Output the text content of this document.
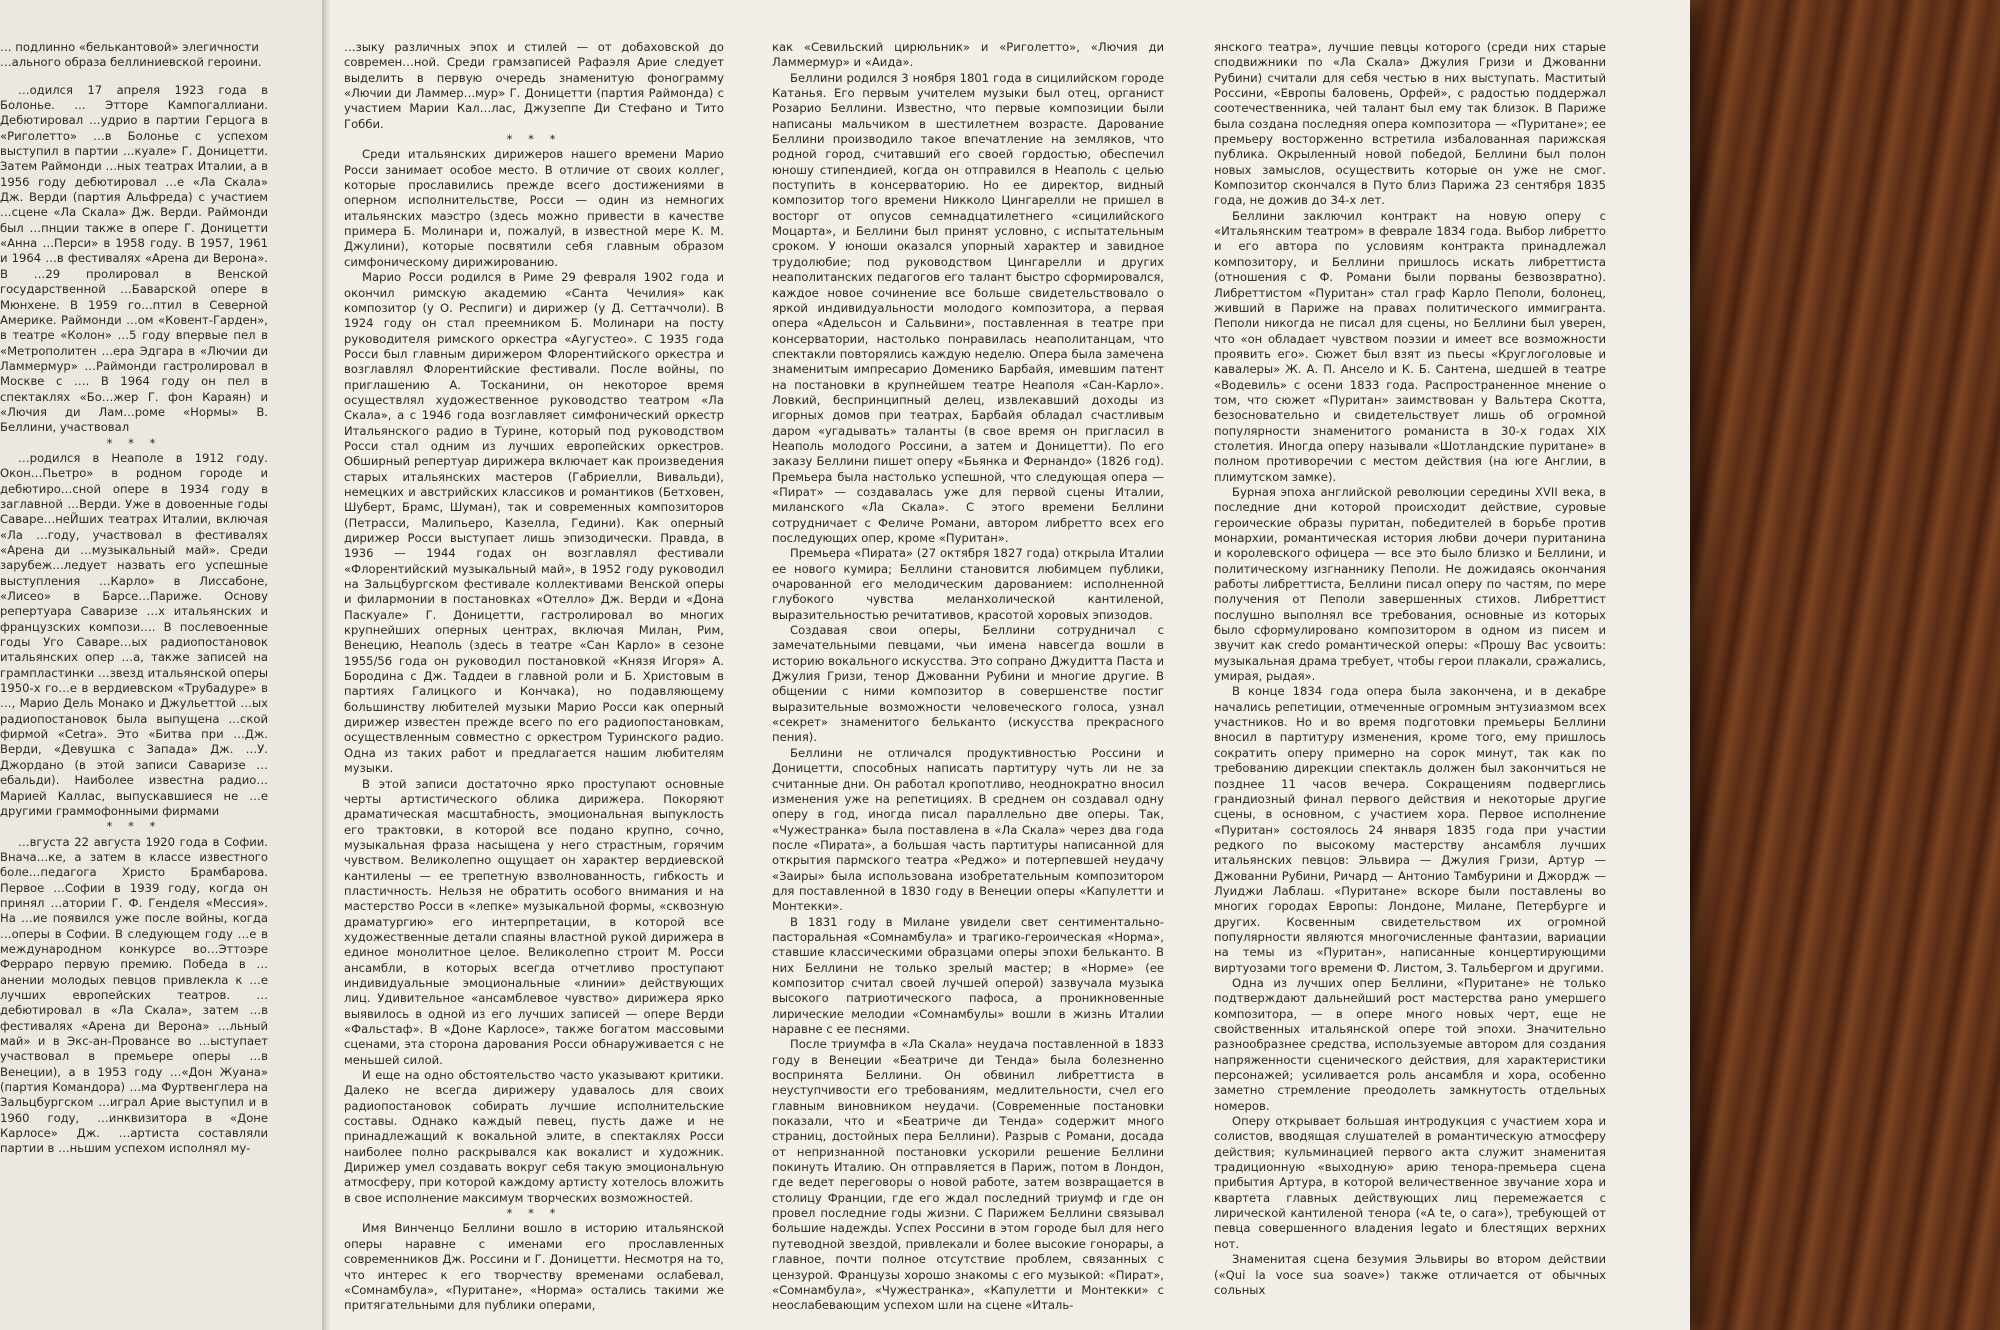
… подлинно «белькантовой» элегичности

…ального образа беллиниевской героини.

…одился 17 апреля 1923 года в Болонье. … Этторе Кампогаллиани. Дебютировал …удрио в партии Герцога в «Риголетто» …в Болонье с успехом выступил в партии …куале» Г. Доницетти. Затем Раймонди …ных театрах Италии, а в 1956 году дебютировал …е «Ла Скала» Дж. Верди (партия Альфреда) с участием …сцене «Ла Скала» Дж. Верди. Раймонди был …пнции также в опере Г. Доницетти «Анна …Перси» в 1958 году. В 1957, 1961 и 1964 …в фестивалях «Арена ди Верона». В …29 пролировал в Венской государственной …Баварской опере в Мюнхене. В 1959 го…птил в Северной Америке. Раймонди …ом «Ковент-Гарден», в театре «Колон» …5 году впервые пел в «Метрополитен …ера Эдгара в «Лючии ди Ламмермур» …Раймонди гастролировал в Москве с …. В 1964 году он пел в спектаклях «Бо…жер Г. фон Караян) и «Лючия ди Лам…роме «Нормы» В. Беллини, участвовал

* * *

…родился в Неаполе в 1912 году. Окон…Пьетро» в родном городе и дебютиро…сной опере в 1934 году в заглавной …Верди. Уже в довоенные годы Саваре…неЙших театрах Италии, включая «Ла …году, участвовал в фестивалях «Арена ди …музыкальный май». Среди зарубеж…ледует назвать его успешные выступления …Карло» в Лиссабоне, «Лисео» в Барсе…Париже. Основу репертуара Саваризе …х итальянских и французских компози…. В послевоенные годы Уго Саваре…ых радиопостановок итальянских опер …а, также записей на грампластинки …звезд итальянской оперы 1950-х го…е в вердиевском «Трубадуре» в …, Марио Дель Монако и Джульеттой …ых радиопостановок была выпущена …ской фирмой «Cetra». Это «Битва при …Дж. Верди, «Девушка с Запада» Дж. …У. Джордано (в этой записи Саваризе …ебальди). Наиболее известна радио… Марией Каллас, выпускавшиеся не …е другими граммофонными фирмами

* * *

…вгуста 22 августа 1920 года в Софии. Внача…ке, а затем в классе известного боле…педагога Христо Брамбарова. Первое …Софии в 1939 году, когда он принял …атории Г. Ф. Генделя «Мессия». На …ие появился уже после войны, когда …оперы в Софии. В следующем году …е в международном конкурсе во…Эттоэре Ферраро первую премию. Победа в …анении молодых певцов привлекла к …е лучших европейских театров. …дебютировал в «Ла Скала», затем …в фестивалях «Арена ди Верона» …льный май» и в Экс-ан-Провансе во …ыступает участвовал в премьере оперы …в Венеции), а в 1953 году …«Дон Жуана» (партия Командора) …ма Фуртвенглера на Зальцбургском …играл Арие выступил и в 1960 году, …инквизитора в «Доне Карлосе» Дж. …артиста составляли партии в …ньшим успехом исполнял му-

…зыку различных эпох и стилей — от добаховской до современ…ной. Среди грамзаписей Рафаэля Арие следует выделить в первую очередь знаменитую фонограмму «Лючии ди Ламмер…мур» Г. Доницетти (партия Раймонда) с участием Марии Кал…лас, Джузеппе Ди Стефано и Тито Гобби.

* * *

Среди итальянских дирижеров нашего времени Марио Росси занимает особое место. В отличие от своих коллег, которые прославились прежде всего достижениями в оперном исполнительстве, Росси — один из немногих итальянских маэстро (здесь можно привести в качестве примера Б. Молинари и, пожалуй, в известной мере К. М. Джулини), которые посвятили себя главным образом симфоническому дирижированию.

Марио Росси родился в Риме 29 февраля 1902 года и окончил римскую академию «Санта Чечилия» как композитор (у О. Респиги) и дирижер (у Д. Сеттаччоли). В 1924 году он стал преемником Б. Молинари на посту руководителя римского оркестра «Аугустео». С 1935 года Росси был главным дирижером Флорентийского оркестра и возглавлял Флорентийские фестивали. После войны, по приглашению А. Тосканини, он некоторое время осуществлял художественное руководство театром «Ла Скала», а с 1946 года возглавляет симфонический оркестр Итальянского радио в Турине, который под руководством Росси стал одним из лучших европейских оркестров. Обширный репертуар дирижера включает как произведения старых итальянских мастеров (Габриелли, Вивальди), немецких и австрийских классиков и романтиков (Бетховен, Шуберт, Брамс, Шуман), так и современных композиторов (Петрасси, Малипьеро, Казелла, Гедини). Как оперный дирижер Росси выступает лишь эпизодически. Правда, в 1936 — 1944 годах он возглавлял фестивали «Флорентийский музыкальный май», в 1952 году руководил на Зальцбургском фестивале коллективами Венской оперы и филармонии в постановках «Отелло» Дж. Верди и «Дона Паскуале» Г. Доницетти, гастролировал во многих крупнейших оперных центрах, включая Милан, Рим, Венецию, Неаполь (здесь в театре «Сан Карло» в сезоне 1955/56 года он руководил постановкой «Князя Игоря» А. Бородина с Дж. Таддеи в главной роли и Б. Христовым в партиях Галицкого и Кончака), но подавляющему большинству любителей музыки Марио Росси как оперный дирижер известен прежде всего по его радиопостановкам, осуществленным совместно с оркестром Туринского радио. Одна из таких работ и предлагается нашим любителям музыки.

В этой записи достаточно ярко проступают основные черты артистического облика дирижера. Покоряют драматическая масштабность, эмоциональная выпуклость его трактовки, в которой все подано крупно, сочно, музыкальная фраза насыщена у него страстным, горячим чувством. Великолепно ощущает он характер вердиевской кантилены — ее трепетную взволнованность, гибкость и пластичность. Нельзя не обратить особого внимания и на мастерство Росси в «лепке» музыкальной формы, «сквозную драматургию» его интерпретации, в которой все художественные детали спаяны властной рукой дирижера в единое монолитное целое. Великолепно строит М. Росси ансамбли, в которых всегда отчетливо проступают индивидуальные эмоциональные «линии» действующих лиц. Удивительное «ансамблевое чувство» дирижера ярко выявилось в одной из его лучших записей — опере Верди «Фальстаф». В «Доне Карлосе», также богатом массовыми сценами, эта сторона дарования Росси обнаруживается с не меньшей силой.

И еще на одно обстоятельство часто указывают критики. Далеко не всегда дирижеру удавалось для своих радиопостановок собирать лучшие исполнительские составы. Однако каждый певец, пусть даже и не принадлежащий к вокальной элите, в спектаклях Росси наиболее полно раскрывался как вокалист и художник. Дирижер умел создавать вокруг себя такую эмоциональную атмосферу, при которой каждому артисту хотелось вложить в свое исполнение максимум творческих возможностей.

* * *

Имя Винченцо Беллини вошло в историю итальянской оперы наравне с именами его прославленных современников Дж. Россини и Г. Доницетти. Несмотря на то, что интерес к его творчеству временами ослабевал, «Сомнамбула», «Пуритане», «Норма» остались такими же притягательными для публики операми,

как «Севильский цирюльник» и «Риголетто», «Лючия ди Ламмермур» и «Аида».

Беллини родился 3 ноября 1801 года в сицилийском городе Катанья. Его первым учителем музыки был отец, органист Розарио Беллини. Известно, что первые композиции были написаны мальчиком в шестилетнем возрасте. Дарование Беллини производило такое впечатление на земляков, что родной город, считавший его своей гордостью, обеспечил юношу стипендией, когда он отправился в Неаполь с целью поступить в консерваторию. Но ее директор, видный композитор того времени Никколо Цингарелли не пришел в восторг от опусов семнадцатилетнего «сицилийского Моцарта», и Беллини был принят условно, с испытательным сроком. У юноши оказался упорный характер и завидное трудолюбие; под руководством Цингарелли и других неаполитанских педагогов его талант быстро сформировался, каждое новое сочинение все больше свидетельствовало о яркой индивидуальности молодого композитора, а первая опера «Адельсон и Сальвини», поставленная в театре при консерватории, настолько понравилась неаполитанцам, что спектакли повторялись каждую неделю. Опера была замечена знаменитым импресарио Доменико Барбайя, имевшим патент на постановки в крупнейшем театре Неаполя «Сан-Карло». Ловкий, беспринципный делец, извлекавший доходы из игорных домов при театрах, Барбайя обладал счастливым даром «угадывать» таланты (в свое время он пригласил в Неаполь молодого Россини, а затем и Доницетти). По его заказу Беллини пишет оперу «Бьянка и Фернандо» (1826 год). Премьера была настолько успешной, что следующая опера — «Пират» — создавалась уже для первой сцены Италии, миланского «Ла Скала». С этого времени Беллини сотрудничает с Феличе Романи, автором либретто всех его последующих опер, кроме «Пуритан».

Премьера «Пирата» (27 октября 1827 года) открыла Италии ее нового кумира; Беллини становится любимцем публики, очарованной его мелодическим дарованием: исполненной глубокого чувства меланхолической кантиленой, выразительностью речитативов, красотой хоровых эпизодов.

Создавая свои оперы, Беллини сотрудничал с замечательными певцами, чьи имена навсегда вошли в историю вокального искусства. Это сопрано Джудитта Паста и Джулия Гризи, тенор Джованни Рубини и многие другие. В общении с ними композитор в совершенстве постиг выразительные возможности человеческого голоса, узнал «секрет» знаменитого бельканто (искусства прекрасного пения).

Беллини не отличался продуктивностью Россини и Доницетти, способных написать партитуру чуть ли не за считанные дни. Он работал кропотливо, неоднократно вносил изменения уже на репетициях. В среднем он создавал одну оперу в год, иногда писал параллельно две оперы. Так, «Чужестранка» была поставлена в «Ла Скала» через два года после «Пирата», а большая часть партитуры написанной для открытия пармского театра «Реджо» и потерпевшей неудачу «Заиры» была использована изобретательным композитором для поставленной в 1830 году в Венеции оперы «Капулетти и Монтекки».

В 1831 году в Милане увидели свет сентиментально-пасторальная «Сомнамбула» и трагико-героическая «Норма», ставшие классическими образцами оперы эпохи бельканто. В них Беллини не только зрелый мастер; в «Норме» (ее композитор считал своей лучшей оперой) зазвучала музыка высокого патриотического пафоса, а проникновенные лирические мелодии «Сомнамбулы» вошли в жизнь Италии наравне с ее песнями.

После триумфа в «Ла Скала» неудача поставленной в 1833 году в Венеции «Беатриче ди Тенда» была болезненно воспринята Беллини. Он обвинил либреттиста в неуступчивости его требованиям, медлительности, счел его главным виновником неудачи. (Современные постановки показали, что и «Беатриче ди Тенда» содержит много страниц, достойных пера Беллини). Разрыв с Романи, досада от непризнанной постановки ускорили решение Беллини покинуть Италию. Он отправляется в Париж, потом в Лондон, где ведет переговоры о новой работе, затем возвращается в столицу Франции, где его ждал последний триумф и где он провел последние годы жизни. С Парижем Беллини связывал большие надежды. Успех Россини в этом городе был для него путеводной звездой, привлекали и более высокие гонорары, а главное, почти полное отсутствие проблем, связанных с цензурой. Французы хорошо знакомы с его музыкой: «Пират», «Сомнамбула», «Чужестранка», «Капулетти и Монтекки» с неослабевающим успехом шли на сцене «Италь-

янского театра», лучшие певцы которого (среди них старые сподвижники по «Ла Скала» Джулия Гризи и Джованни Рубини) считали для себя честью в них выступать. Маститый Россини, «Европы баловень, Орфей», с радостью поддержал соотечественника, чей талант был ему так близок. В Париже была создана последняя опера композитора — «Пуритане»; ее премьеру восторженно встретила избалованная парижская публика. Окрыленный новой победой, Беллини был полон новых замыслов, осуществить которые он уже не смог. Композитор скончался в Путо близ Парижа 23 сентября 1835 года, не дожив до 34-х лет.

Беллини заключил контракт на новую оперу с «Итальянским театром» в феврале 1834 года. Выбор либретто и его автора по условиям контракта принадлежал композитору, и Беллини пришлось искать либреттиста (отношения с Ф. Романи были порваны безвозвратно). Либреттистом «Пуритан» стал граф Карло Пеполи, болонец, живший в Париже на правах политического иммигранта. Пеполи никогда не писал для сцены, но Беллини был уверен, что «он обладает чувством поэзии и имеет все возможности проявить его». Сюжет был взят из пьесы «Круглоголовые и кавалеры» Ж. А. П. Ансело и К. Б. Сантена, шедшей в театре «Водевиль» с осени 1833 года. Распространенное мнение о том, что сюжет «Пуритан» заимствован у Вальтера Скотта, безосновательно и свидетельствует лишь об огромной популярности знаменитого романиста в 30-х годах XIX столетия. Иногда оперу называли «Шотландские пуритане» в полном противоречии с местом действия (на юге Англии, в плимутском замке).

Бурная эпоха английской революции середины XVII века, в последние дни которой происходит действие, суровые героические образы пуритан, победителей в борьбе против монархии, романтическая история любви дочери пуританина и королевского офицера — все это было близко и Беллини, и политическому изгнаннику Пеполи. Не дожидаясь окончания работы либреттиста, Беллини писал оперу по частям, по мере получения от Пеполи завершенных стихов. Либреттист послушно выполнял все требования, основные из которых было сформулировано композитором в одном из писем и звучит как credo романтической оперы: «Прошу Вас усвоить: музыкальная драма требует, чтобы герои плакали, сражались, умирая, рыдая».

В конце 1834 года опера была закончена, и в декабре начались репетиции, отмеченные огромным энтузиазмом всех участников. Но и во время подготовки премьеры Беллини вносил в партитуру изменения, кроме того, ему пришлось сократить оперу примерно на сорок минут, так как по требованию дирекции спектакль должен был закончиться не позднее 11 часов вечера. Сокращениям подверглись грандиозный финал первого действия и некоторые другие сцены, в основном, с участием хора. Первое исполнение «Пуритан» состоялось 24 января 1835 года при участии редкого по высокому мастерству ансамбля лучших итальянских певцов: Эльвира — Джулия Гризи, Артур — Джованни Рубини, Ричард — Антонио Тамбурини и Джордж — Луиджи Лаблаш. «Пуритане» вскоре были поставлены во многих городах Европы: Лондоне, Милане, Петербурге и других. Косвенным свидетельством их огромной популярности являются многочисленные фантазии, вариации на темы из «Пуритан», написанные концертирующими виртуозами того времени Ф. Листом, З. Тальбергом и другими.

Одна из лучших опер Беллини, «Пуритане» не только подтверждают дальнейший рост мастерства рано умершего композитора, — в опере много новых черт, еще не свойственных итальянской опере той эпохи. Значительно разнообразнее средства, используемые автором для создания напряженности сценического действия, для характеристики персонажей; усиливается роль ансамбля и хора, особенно заметно стремление преодолеть замкнутость отдельных номеров.

Оперу открывает большая интродукция с участием хора и солистов, вводящая слушателей в романтическую атмосферу действия; кульминацией первого акта служит знаменитая традиционную «выходную» арию тенора-премьера сцена прибытия Артура, в которой величественное звучание хора и квартета главных действующих лиц перемежается с лирической кантиленой тенора («A te, o cara»), требующей от певца совершенного владения legato и блестящих верхних нот.

Знаменитая сцена безумия Эльвиры во втором действии («Qui la voce sua soave») также отличается от обычных сольных
